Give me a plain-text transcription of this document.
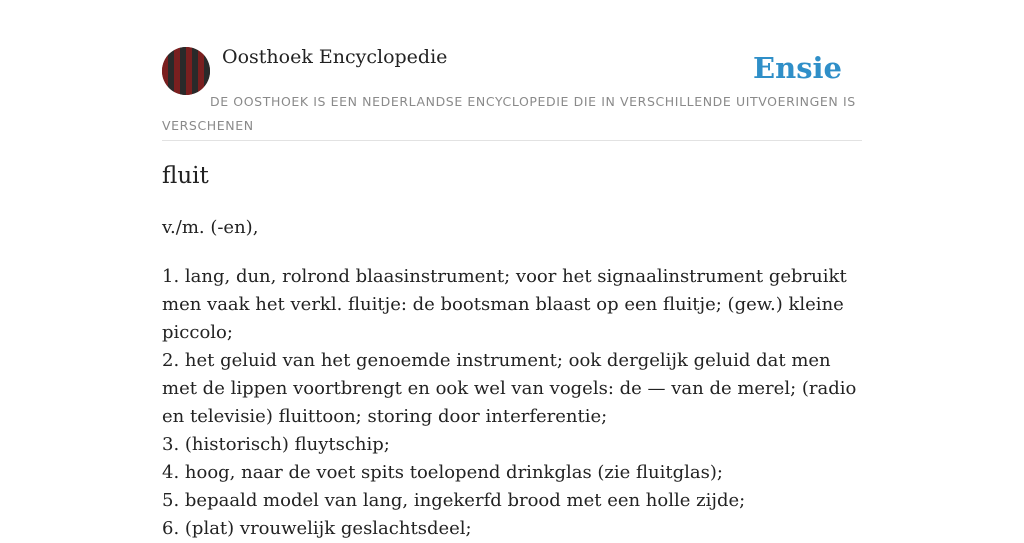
Oosthoek Encyclopedie	Ensie
DE OOSTHOEK IS EEN NEDERLANDSE ENCYCLOPEDIE DIE IN VERSCHILLENDE UITVOERINGEN IS VERSCHENEN
fluit
v./m. (-en),
1. lang, dun, rolrond blaasinstrument; voor het signaalinstrument gebruikt men vaak het verkl. fluitje: de bootsman blaast op een fluitje; (gew.) kleine piccolo;
2. het geluid van het genoemde instrument; ook dergelijk geluid dat men met de lippen voortbrengt en ook wel van vogels: de — van de merel; (radio en televisie) fluittoon; storing door interferentie;
3. (historisch) fluytschip;
4. hoog, naar de voet spits toelopend drinkglas (zie fluitglas);
5. bepaald model van lang, ingekerfd brood met een holle zijde;
6. (plat) vrouwelijk geslachtsdeel;
